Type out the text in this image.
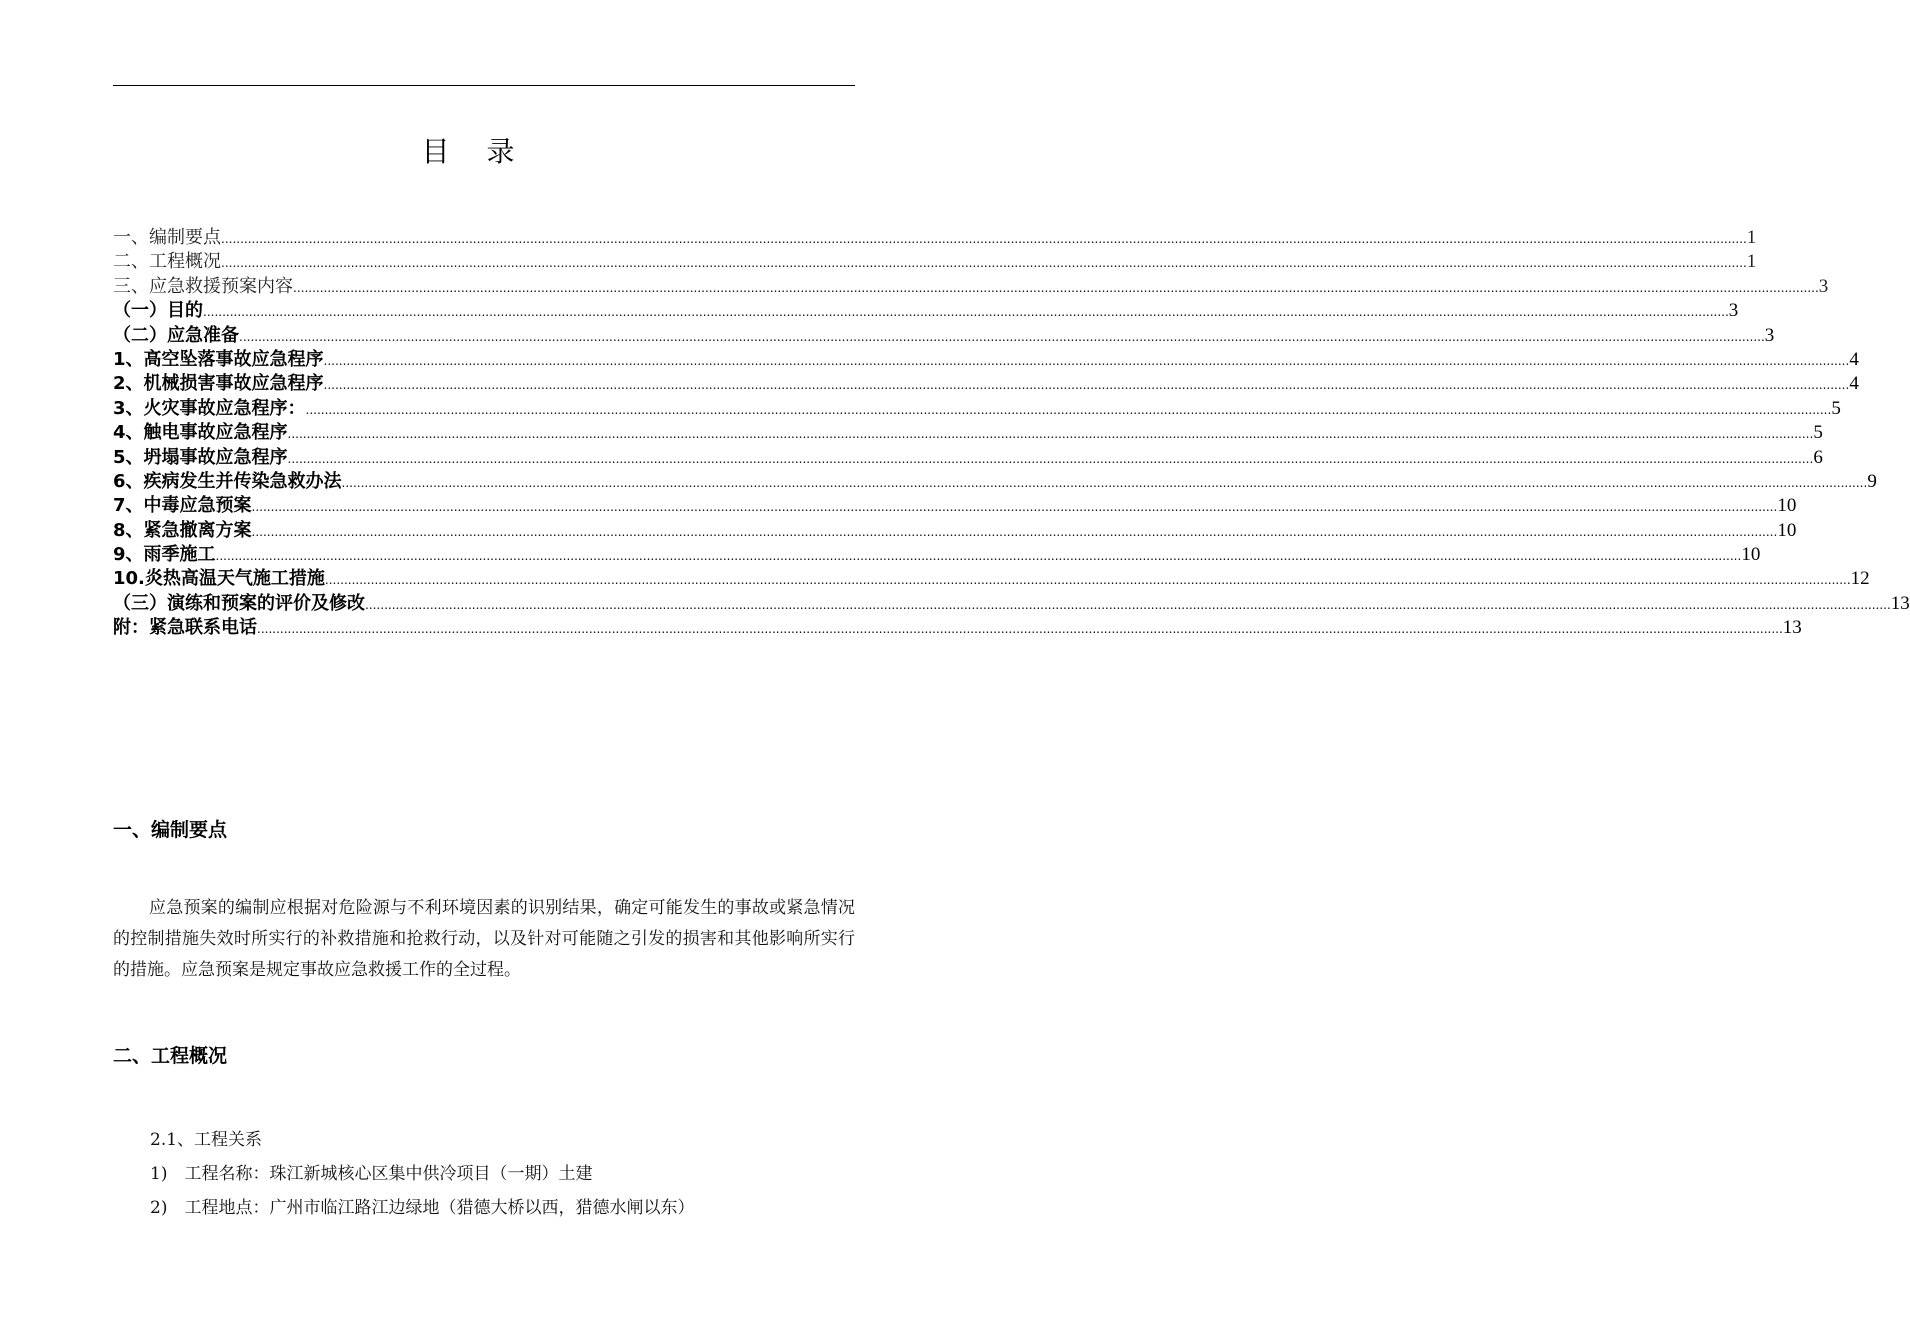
目 录
一、编制要点 ................................................................................................................................................................................................................................................................................................................................................................................................................ 1
二、工程概况 ................................................................................................................................................................................................................................................................................................................................................................................................................ 1
三、应急救援预案内容 ................................................................................................................................................................................................................................................................................................................................................................................................................ 3
（一）目的 ................................................................................................................................................................................................................................................................................................................................................................................................................ 3
（二）应急准备 ................................................................................................................................................................................................................................................................................................................................................................................................................ 3
1、高空坠落事故应急程序 ................................................................................................................................................................................................................................................................................................................................................................................................................ 4
2、机械损害事故应急程序 ................................................................................................................................................................................................................................................................................................................................................................................................................ 4
3、火灾事故应急程序： ................................................................................................................................................................................................................................................................................................................................................................................................................ 5
4、触电事故应急程序 ................................................................................................................................................................................................................................................................................................................................................................................................................ 5
5、坍塌事故应急程序 ................................................................................................................................................................................................................................................................................................................................................................................................................ 6
6、疾病发生并传染急救办法 ................................................................................................................................................................................................................................................................................................................................................................................................................ 9
7、中毒应急预案 ................................................................................................................................................................................................................................................................................................................................................................................................................ 10
8、紧急撤离方案 ................................................................................................................................................................................................................................................................................................................................................................................................................ 10
9、雨季施工 ................................................................................................................................................................................................................................................................................................................................................................................................................ 10
10.炎热高温天气施工措施 ................................................................................................................................................................................................................................................................................................................................................................................................................ 12
（三）演练和预案的评价及修改 ................................................................................................................................................................................................................................................................................................................................................................................................................ 13
附：紧急联系电话 ................................................................................................................................................................................................................................................................................................................................................................................................................ 13
一、编制要点
应急预案的编制应根据对危险源与不利环境因素的识别结果，确定可能发生的事故或紧急情况的控制措施失效时所实行的补救措施和抢救行动，以及针对可能随之引发的损害和其他影响所实行的措施。应急预案是规定事故应急救援工作的全过程。
二、工程概况
2.1、工程关系
1)　工程名称：珠江新城核心区集中供冷项目（一期）土建
2)　工程地点：广州市临江路江边绿地（猎德大桥以西，猎德水闸以东）
